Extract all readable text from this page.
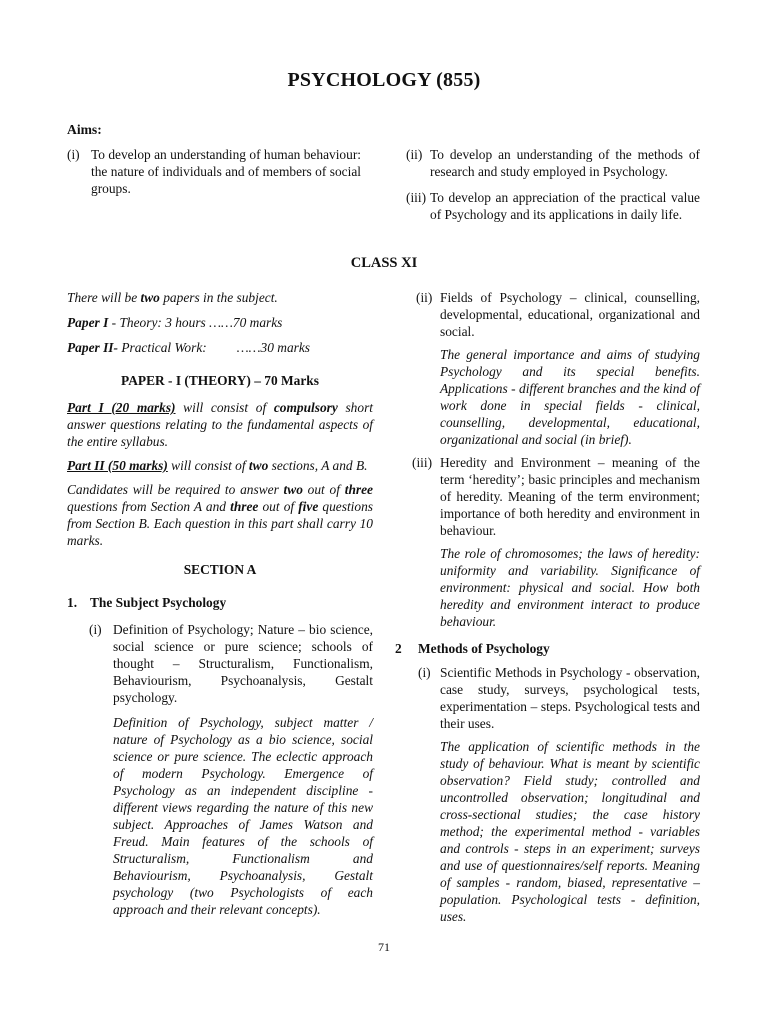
PSYCHOLOGY (855)
Aims:
(i) To develop an understanding of human behaviour: the nature of individuals and of members of social groups.
(ii) To develop an understanding of the methods of research and study employed in Psychology.
(iii) To develop an appreciation of the practical value of Psychology and its applications in daily life.
CLASS XI

There will be two papers in the subject.

Paper I - Theory: 3 hours ……70 marks

Paper II- Practical Work: ……30 marks

PAPER - I (THEORY) – 70 Marks

Part I (20 marks) will consist of compulsory short answer questions relating to the fundamental aspects of the entire syllabus.

Part II (50 marks) will consist of two sections, A and B.

Candidates will be required to answer two out of three questions from Section A and three out of five questions from Section B. Each question in this part shall carry 10 marks.

SECTION A

1. The Subject Psychology
(i) Definition of Psychology; Nature – bio science, social science or pure science; schools of thought – Structuralism, Functionalism, Behaviourism, Psychoanalysis, Gestalt psychology.

Definition of Psychology, subject matter / nature of Psychology as a bio science, social science or pure science. The eclectic approach of modern Psychology. Emergence of Psychology as an independent discipline - different views regarding the nature of this new subject. Approaches of James Watson and Freud. Main features of the schools of Structuralism, Functionalism and Behaviourism, Psychoanalysis, Gestalt psychology (two Psychologists of each approach and their relevant concepts).

(ii) Fields of Psychology – clinical, counselling, developmental, educational, organizational and social.

The general importance and aims of studying Psychology and its special benefits. Applications - different branches and the kind of work done in special fields - clinical, counselling, developmental, educational, organizational and social (in brief).

(iii) Heredity and Environment – meaning of the term ‘heredity’; basic principles and mechanism of heredity. Meaning of the term environment; importance of both heredity and environment in behaviour.

The role of chromosomes; the laws of heredity: uniformity and variability. Significance of environment: physical and social. How both heredity and environment interact to produce behaviour.

2 Methods of Psychology
(i) Scientific Methods in Psychology - observation, case study, surveys, psychological tests, experimentation – steps. Psychological tests and their uses.

The application of scientific methods in the study of behaviour. What is meant by scientific observation? Field study; controlled and uncontrolled observation; longitudinal and cross-sectional studies; the case history method; the experimental method - variables and controls - steps in an experiment; surveys and use of questionnaires/self reports. Meaning of samples - random, biased, representative – population. Psychological tests - definition, uses.

71
